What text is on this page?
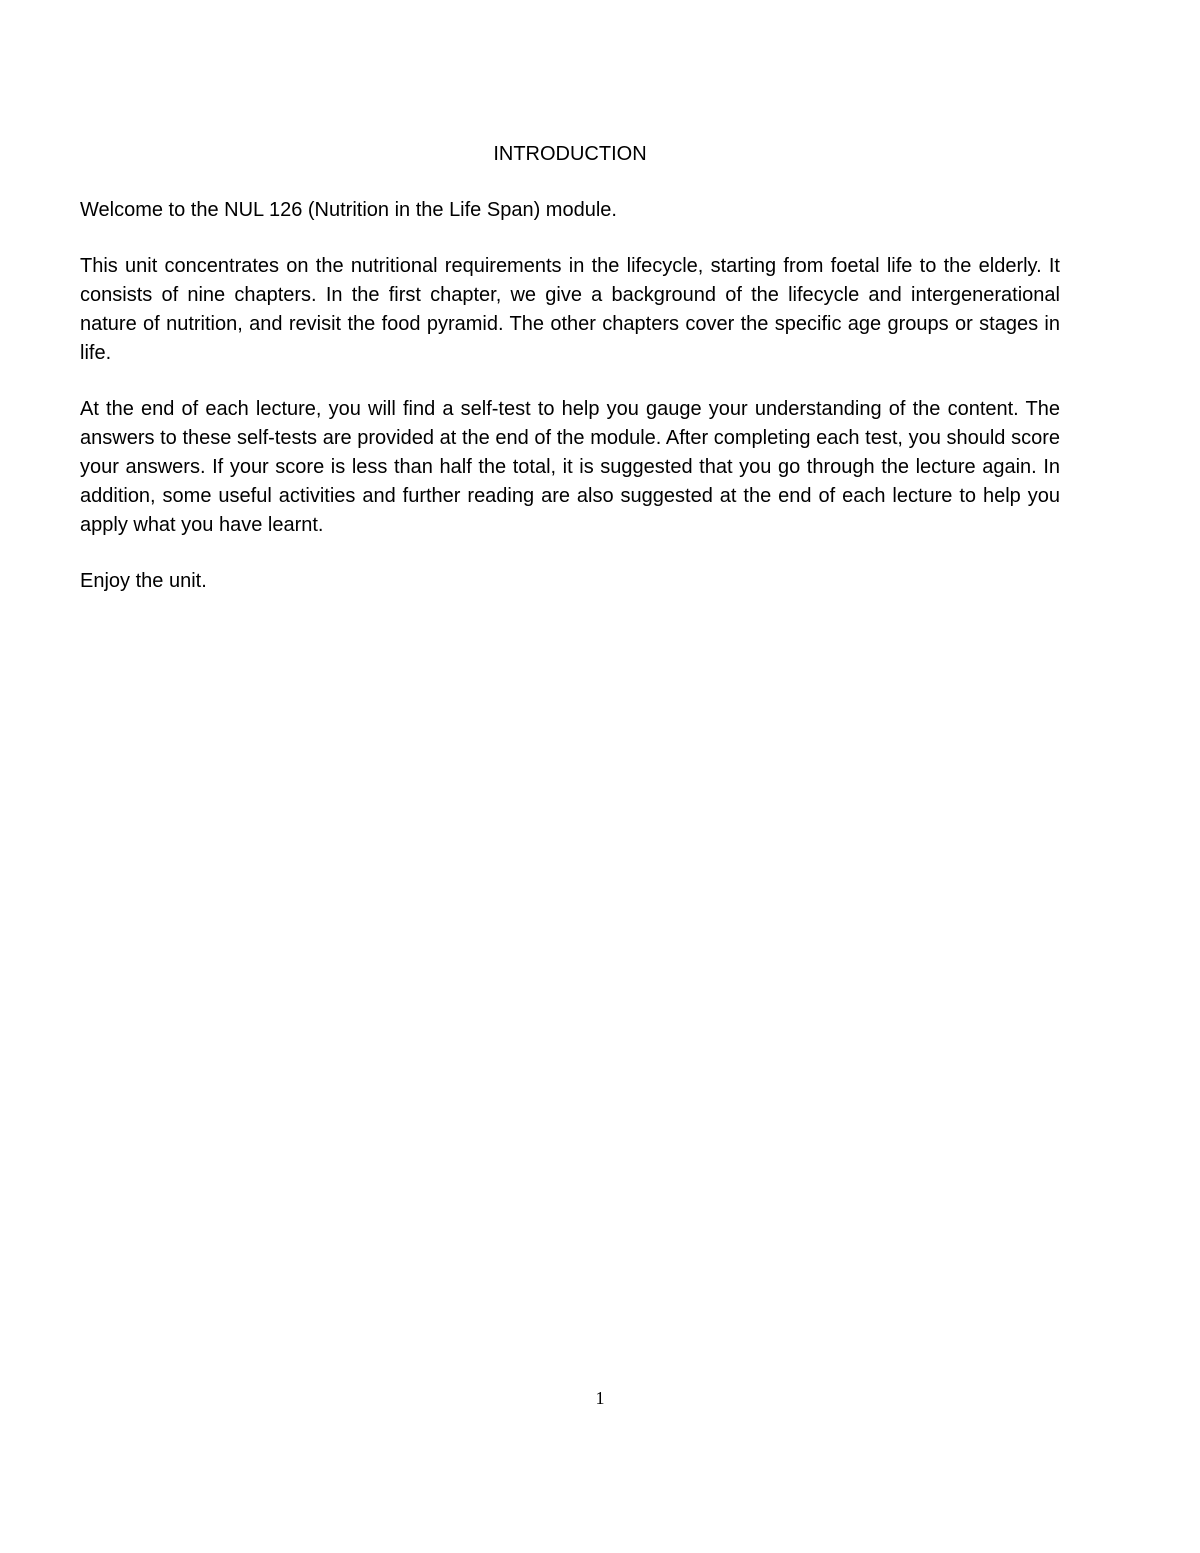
INTRODUCTION

Welcome to the NUL 126 (Nutrition in the Life Span) module.

This unit concentrates on the nutritional requirements in the lifecycle, starting from foetal life to the elderly. It consists of nine chapters. In the first chapter, we give a background of the lifecycle and intergenerational nature of nutrition, and revisit the food pyramid. The other chapters cover the specific age groups or stages in life.

At the end of each lecture, you will find a self-test to help you gauge your understanding of the content. The answers to these self-tests are provided at the end of the module. After completing each test, you should score your answers. If your score is less than half the total, it is suggested that you go through the lecture again. In addition, some useful activities and further reading are also suggested at the end of each lecture to help you apply what you have learnt.

Enjoy the unit.

1
